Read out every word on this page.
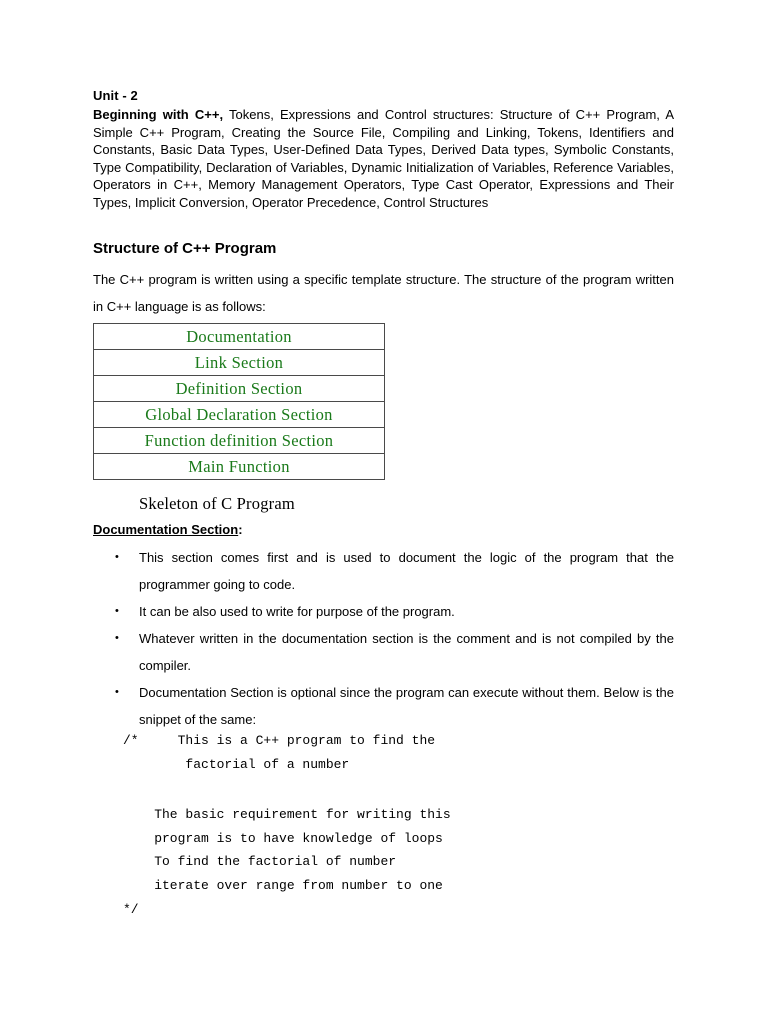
Unit - 2
Beginning with C++, Tokens, Expressions and Control structures: Structure of C++ Program, A Simple C++ Program, Creating the Source File, Compiling and Linking, Tokens, Identifiers and Constants, Basic Data Types, User-Defined Data Types, Derived Data types, Symbolic Constants, Type Compatibility, Declaration of Variables, Dynamic Initialization of Variables, Reference Variables, Operators in C++, Memory Management Operators, Type Cast Operator, Expressions and Their Types, Implicit Conversion, Operator Precedence, Control Structures
Structure of C++ Program
The C++ program is written using a specific template structure. The structure of the program written in C++ language is as follows:
Documentation
Link Section
Definition Section
Global Declaration Section
Function definition Section
Main Function
Skeleton of C Program
Documentation Section:
• This section comes first and is used to document the logic of the program that the programmer going to code.
• It can be also used to write for purpose of the program.
• Whatever written in the documentation section is the comment and is not compiled by the compiler.
• Documentation Section is optional since the program can execute without them. Below is the snippet of the same:

/*     This is a C++ program to find the

factorial of a number

The basic requirement for writing this

program is to have knowledge of loops

To find the factorial of number

iterate over range from number to one

*/
